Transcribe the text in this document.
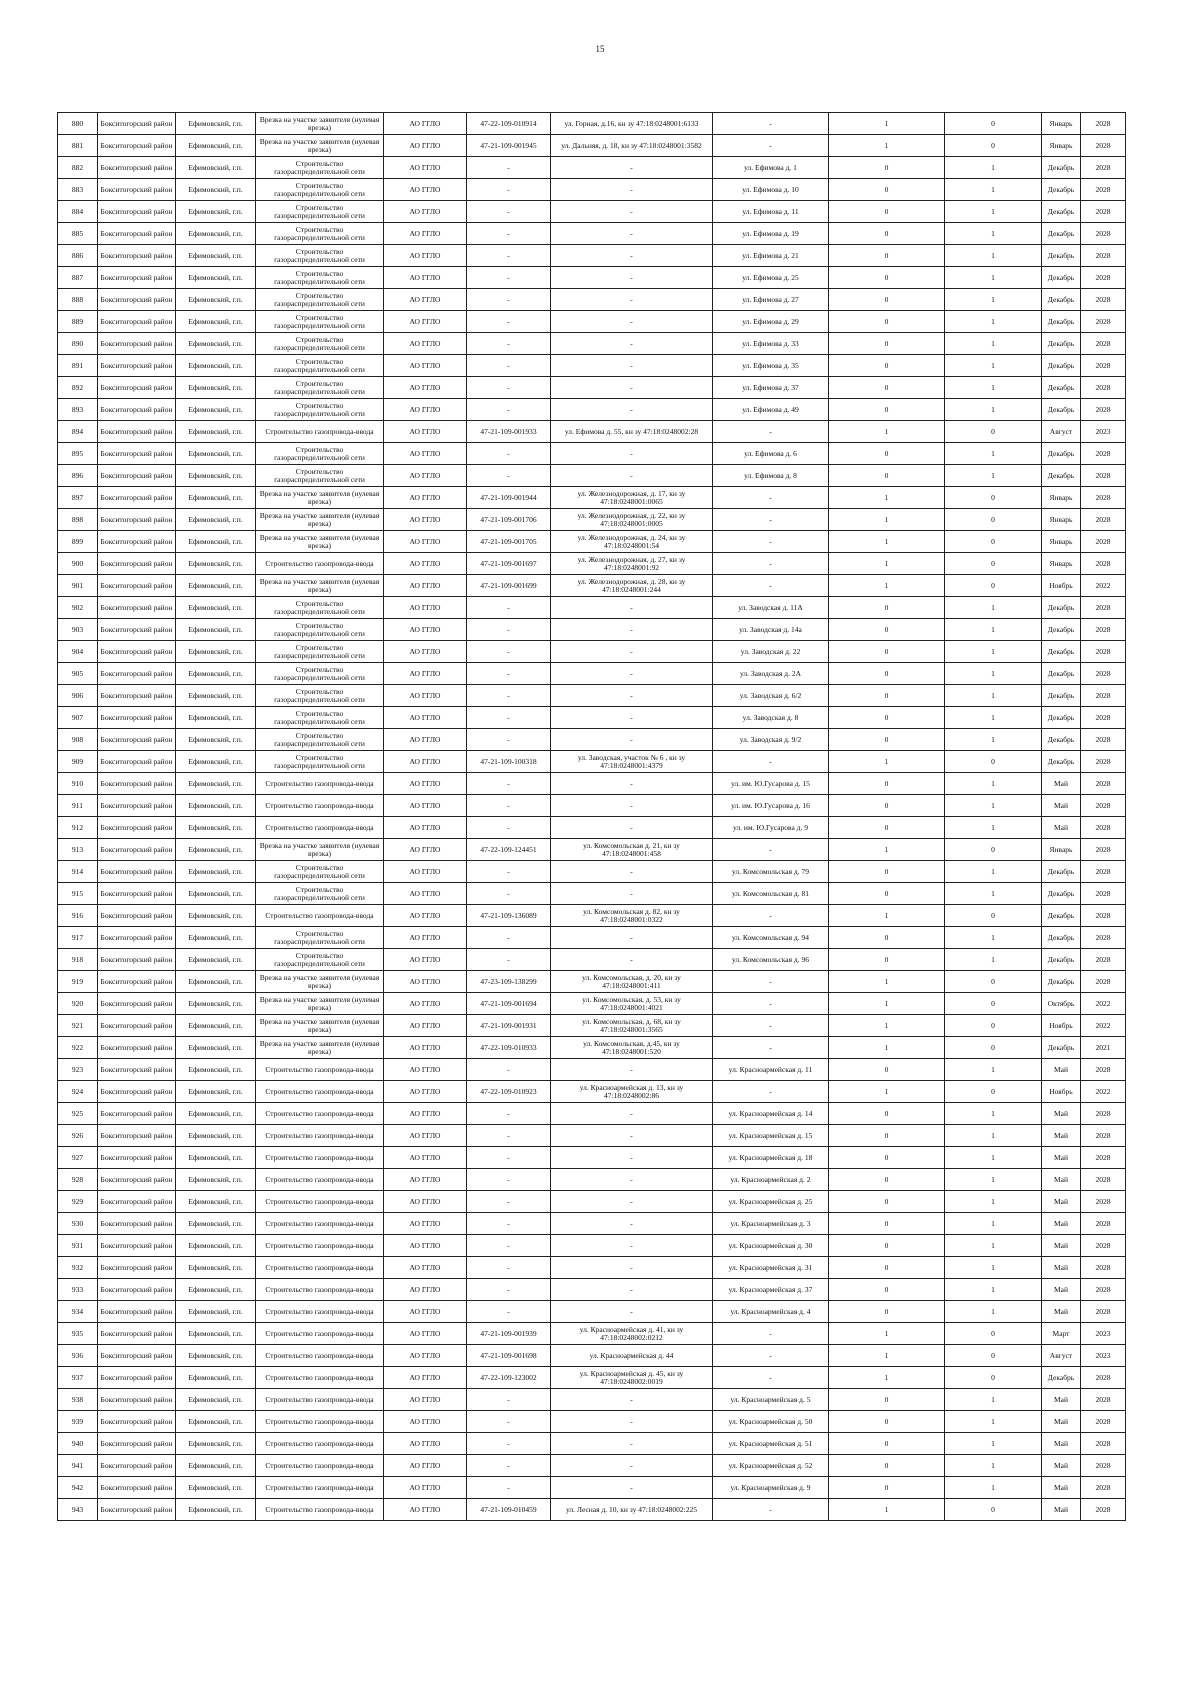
15
880	Бокситогорский район	Ефимовский, г.п.	Врезка на участке заявителя (нулевая врезка)	АО ГГЛО	47-22-109-010914	ул. Горная, д.16, кн зу 47:18:0248001:6133	-	1	0	Январь	2028
881	Бокситогорский район	Ефимовский, г.п.	Врезка на участке заявителя (нулевая врезка)	АО ГГЛО	47-21-109-001945	ул. Дальняя, д. 18, кн зу 47:18:0248001:3582	-	1	0	Январь	2028
882	Бокситогорский район	Ефимовский, г.п.	Строительство газораспределительной сети	АО ГГЛО	-	-	ул. Ефимова д. 1	0	1	Декабрь	2028
883	Бокситогорский район	Ефимовский, г.п.	Строительство газораспределительной сети	АО ГГЛО	-	-	ул. Ефимова д. 10	0	1	Декабрь	2028
884	Бокситогорский район	Ефимовский, г.п.	Строительство газораспределительной сети	АО ГГЛО	-	-	ул. Ефимова д. 11	0	1	Декабрь	2028
885	Бокситогорский район	Ефимовский, г.п.	Строительство газораспределительной сети	АО ГГЛО	-	-	ул. Ефимова д. 19	0	1	Декабрь	2028
886	Бокситогорский район	Ефимовский, г.п.	Строительство газораспределительной сети	АО ГГЛО	-	-	ул. Ефимова д. 21	0	1	Декабрь	2028
887	Бокситогорский район	Ефимовский, г.п.	Строительство газораспределительной сети	АО ГГЛО	-	-	ул. Ефимова д. 25	0	1	Декабрь	2028
888	Бокситогорский район	Ефимовский, г.п.	Строительство газораспределительной сети	АО ГГЛО	-	-	ул. Ефимова д. 27	0	1	Декабрь	2028
889	Бокситогорский район	Ефимовский, г.п.	Строительство газораспределительной сети	АО ГГЛО	-	-	ул. Ефимова д. 29	0	1	Декабрь	2028
890	Бокситогорский район	Ефимовский, г.п.	Строительство газораспределительной сети	АО ГГЛО	-	-	ул. Ефимова д. 33	0	1	Декабрь	2028
891	Бокситогорский район	Ефимовский, г.п.	Строительство газораспределительной сети	АО ГГЛО	-	-	ул. Ефимова д. 35	0	1	Декабрь	2028
892	Бокситогорский район	Ефимовский, г.п.	Строительство газораспределительной сети	АО ГГЛО	-	-	ул. Ефимова д. 37	0	1	Декабрь	2028
893	Бокситогорский район	Ефимовский, г.п.	Строительство газораспределительной сети	АО ГГЛО	-	-	ул. Ефимова д. 49	0	1	Декабрь	2028
894	Бокситогорский район	Ефимовский, г.п.	Строительство газопровода-ввода	АО ГГЛО	47-21-109-001933	ул. Ефимова д. 55, кн зу 47:18:0248002:28	-	1	0	Август	2023
895	Бокситогорский район	Ефимовский, г.п.	Строительство газораспределительной сети	АО ГГЛО	-	-	ул. Ефимова д. 6	0	1	Декабрь	2028
896	Бокситогорский район	Ефимовский, г.п.	Строительство газораспределительной сети	АО ГГЛО	-	-	ул. Ефимова д. 8	0	1	Декабрь	2028
897	Бокситогорский район	Ефимовский, г.п.	Врезка на участке заявителя (нулевая врезка)	АО ГГЛО	47-21-109-001944	ул. Железнодорожная, д. 17, кн зу 47:18:0248001:0065	-	1	0	Январь	2028
898	Бокситогорский район	Ефимовский, г.п.	Врезка на участке заявителя (нулевая врезка)	АО ГГЛО	47-21-109-001706	ул. Железнодорожная, д. 22, кн зу 47:18:0248001:0005	-	1	0	Январь	2028
899	Бокситогорский район	Ефимовский, г.п.	Врезка на участке заявителя (нулевая врезка)	АО ГГЛО	47-21-109-001705	ул. Железнодорожная, д. 24, кн зу 47:18:0248001:54	-	1	0	Январь	2028
900	Бокситогорский район	Ефимовский, г.п.	Строительство газопровода-ввода	АО ГГЛО	47-21-109-001697	ул. Железнодорожная, д. 27, кн зу 47:18:0248001:92	-	1	0	Январь	2028
901	Бокситогорский район	Ефимовский, г.п.	Врезка на участке заявителя (нулевая врезка)	АО ГГЛО	47-21-109-001699	ул. Железнодорожная, д. 28, кн зу 47:18:0248001:244	-	1	0	Ноябрь	2022
902	Бокситогорский район	Ефимовский, г.п.	Строительство газораспределительной сети	АО ГГЛО	-	-	ул. Заводская д. 11А	0	1	Декабрь	2028
903	Бокситогорский район	Ефимовский, г.п.	Строительство газораспределительной сети	АО ГГЛО	-	-	ул. Заводская д. 14а	0	1	Декабрь	2028
904	Бокситогорский район	Ефимовский, г.п.	Строительство газораспределительной сети	АО ГГЛО	-	-	ул. Заводская д. 22	0	1	Декабрь	2028
905	Бокситогорский район	Ефимовский, г.п.	Строительство газораспределительной сети	АО ГГЛО	-	-	ул. Заводская д. 2А	0	1	Декабрь	2028
906	Бокситогорский район	Ефимовский, г.п.	Строительство газораспределительной сети	АО ГГЛО	-	-	ул. Заводская д. 6/2	0	1	Декабрь	2028
907	Бокситогорский район	Ефимовский, г.п.	Строительство газораспределительной сети	АО ГГЛО	-	-	ул. Заводская д. 8	0	1	Декабрь	2028
908	Бокситогорский район	Ефимовский, г.п.	Строительство газораспределительной сети	АО ГГЛО	-	-	ул. Заводская д. 9/2	0	1	Декабрь	2028
909	Бокситогорский район	Ефимовский, г.п.	Строительство газораспределительной сети	АО ГГЛО	47-21-109-100318	ул. Заводская, участок № 6 , кн зу 47:18:0248001:4379	-	1	0	Декабрь	2028
910	Бокситогорский район	Ефимовский, г.п.	Строительство газопровода-ввода	АО ГГЛО	-	-	ул. им. Ю.Гусарова д. 15	0	1	Май	2028
911	Бокситогорский район	Ефимовский, г.п.	Строительство газопровода-ввода	АО ГГЛО	-	-	ул. им. Ю.Гусарова д. 16	0	1	Май	2028
912	Бокситогорский район	Ефимовский, г.п.	Строительство газопровода-ввода	АО ГГЛО	-	-	ул. им. Ю.Гусарова д. 9	0	1	Май	2028
913	Бокситогорский район	Ефимовский, г.п.	Врезка на участке заявителя (нулевая врезка)	АО ГГЛО	47-22-109-124451	ул. Комсомольская д. 21, кн зу 47:18:0248001:458	-	1	0	Январь	2028
914	Бокситогорский район	Ефимовский, г.п.	Строительство газораспределительной сети	АО ГГЛО	-	-	ул. Комсомольская д. 79	0	1	Декабрь	2028
915	Бокситогорский район	Ефимовский, г.п.	Строительство газораспределительной сети	АО ГГЛО	-	-	ул. Комсомольская д. 81	0	1	Декабрь	2028
916	Бокситогорский район	Ефимовский, г.п.	Строительство газопровода-ввода	АО ГГЛО	47-21-109-136089	ул. Комсомольская д. 82, кн зу 47:18:0248001:0322	-	1	0	Декабрь	2028
917	Бокситогорский район	Ефимовский, г.п.	Строительство газораспределительной сети	АО ГГЛО	-	-	ул. Комсомольская д. 94	0	1	Декабрь	2028
918	Бокситогорский район	Ефимовский, г.п.	Строительство газораспределительной сети	АО ГГЛО	-	-	ул. Комсомольская д. 96	0	1	Декабрь	2028
919	Бокситогорский район	Ефимовский, г.п.	Врезка на участке заявителя (нулевая врезка)	АО ГГЛО	47-23-109-138299	ул. Комсомольская, д. 20, кн зу 47:18:0248001:411	-	1	0	Декабрь	2028
920	Бокситогорский район	Ефимовский, г.п.	Врезка на участке заявителя (нулевая врезка)	АО ГГЛО	47-21-109-001694	ул. Комсомольская, д. 53, кн зу 47:18:0248001:4021	-	1	0	Октябрь	2022
921	Бокситогорский район	Ефимовский, г.п.	Врезка на участке заявителя (нулевая врезка)	АО ГГЛО	47-21-109-001931	ул. Комсомольская, д. 68, кн зу 47:18:0248001:3565	-	1	0	Ноябрь	2022
922	Бокситогорский район	Ефимовский, г.п.	Врезка на участке заявителя (нулевая врезка)	АО ГГЛО	47-22-109-010933	ул. Комсомольская, д.45, кн зу 47:18:0248001:520	-	1	0	Декабрь	2021
923	Бокситогорский район	Ефимовский, г.п.	Строительство газопровода-ввода	АО ГГЛО	-	-	ул. Красноармейская д. 11	0	1	Май	2028
924	Бокситогорский район	Ефимовский, г.п.	Строительство газопровода-ввода	АО ГГЛО	47-22-109-010923	ул. Красноармейская д. 13, кн зу 47:18:0248002:86	-	1	0	Ноябрь	2022
925	Бокситогорский район	Ефимовский, г.п.	Строительство газопровода-ввода	АО ГГЛО	-	-	ул. Красноармейская д. 14	0	1	Май	2028
926	Бокситогорский район	Ефимовский, г.п.	Строительство газопровода-ввода	АО ГГЛО	-	-	ул. Красноармейская д. 15	0	1	Май	2028
927	Бокситогорский район	Ефимовский, г.п.	Строительство газопровода-ввода	АО ГГЛО	-	-	ул. Красноармейская д. 18	0	1	Май	2028
928	Бокситогорский район	Ефимовский, г.п.	Строительство газопровода-ввода	АО ГГЛО	-	-	ул. Красноармейская д. 2	0	1	Май	2028
929	Бокситогорский район	Ефимовский, г.п.	Строительство газопровода-ввода	АО ГГЛО	-	-	ул. Красноармейская д. 25	0	1	Май	2028
930	Бокситогорский район	Ефимовский, г.п.	Строительство газопровода-ввода	АО ГГЛО	-	-	ул. Красноармейская д. 3	0	1	Май	2028
931	Бокситогорский район	Ефимовский, г.п.	Строительство газопровода-ввода	АО ГГЛО	-	-	ул. Красноармейская д. 30	0	1	Май	2028
932	Бокситогорский район	Ефимовский, г.п.	Строительство газопровода-ввода	АО ГГЛО	-	-	ул. Красноармейская д. 31	0	1	Май	2028
933	Бокситогорский район	Ефимовский, г.п.	Строительство газопровода-ввода	АО ГГЛО	-	-	ул. Красноармейская д. 37	0	1	Май	2028
934	Бокситогорский район	Ефимовский, г.п.	Строительство газопровода-ввода	АО ГГЛО	-	-	ул. Красноармейская д. 4	0	1	Май	2028
935	Бокситогорский район	Ефимовский, г.п.	Строительство газопровода-ввода	АО ГГЛО	47-21-109-001939	ул. Красноармейская д. 41, кн зу 47:18:0248002:0212	-	1	0	Март	2023
936	Бокситогорский район	Ефимовский, г.п.	Строительство газопровода-ввода	АО ГГЛО	47-21-109-001698	ул. Красноармейская д. 44	-	1	0	Август	2023
937	Бокситогорский район	Ефимовский, г.п.	Строительство газопровода-ввода	АО ГГЛО	47-22-109-123002	ул. Красноармейская д. 45, кн зу 47:18:0248002:0019	-	1	0	Декабрь	2028
938	Бокситогорский район	Ефимовский, г.п.	Строительство газопровода-ввода	АО ГГЛО	-	-	ул. Красноармейская д. 5	0	1	Май	2028
939	Бокситогорский район	Ефимовский, г.п.	Строительство газопровода-ввода	АО ГГЛО	-	-	ул. Красноармейская д. 50	0	1	Май	2028
940	Бокситогорский район	Ефимовский, г.п.	Строительство газопровода-ввода	АО ГГЛО	-	-	ул. Красноармейская д. 51	0	1	Май	2028
941	Бокситогорский район	Ефимовский, г.п.	Строительство газопровода-ввода	АО ГГЛО	-	-	ул. Красноармейская д. 52	0	1	Май	2028
942	Бокситогорский район	Ефимовский, г.п.	Строительство газопровода-ввода	АО ГГЛО	-	-	ул. Красноармейская д. 9	0	1	Май	2028
943	Бокситогорский район	Ефимовский, г.п.	Строительство газопровода-ввода	АО ГГЛО	47-21-109-010459	ул. Лесная д. 10, кн зу 47:18:0248002:225	-	1	0	Май	2028
